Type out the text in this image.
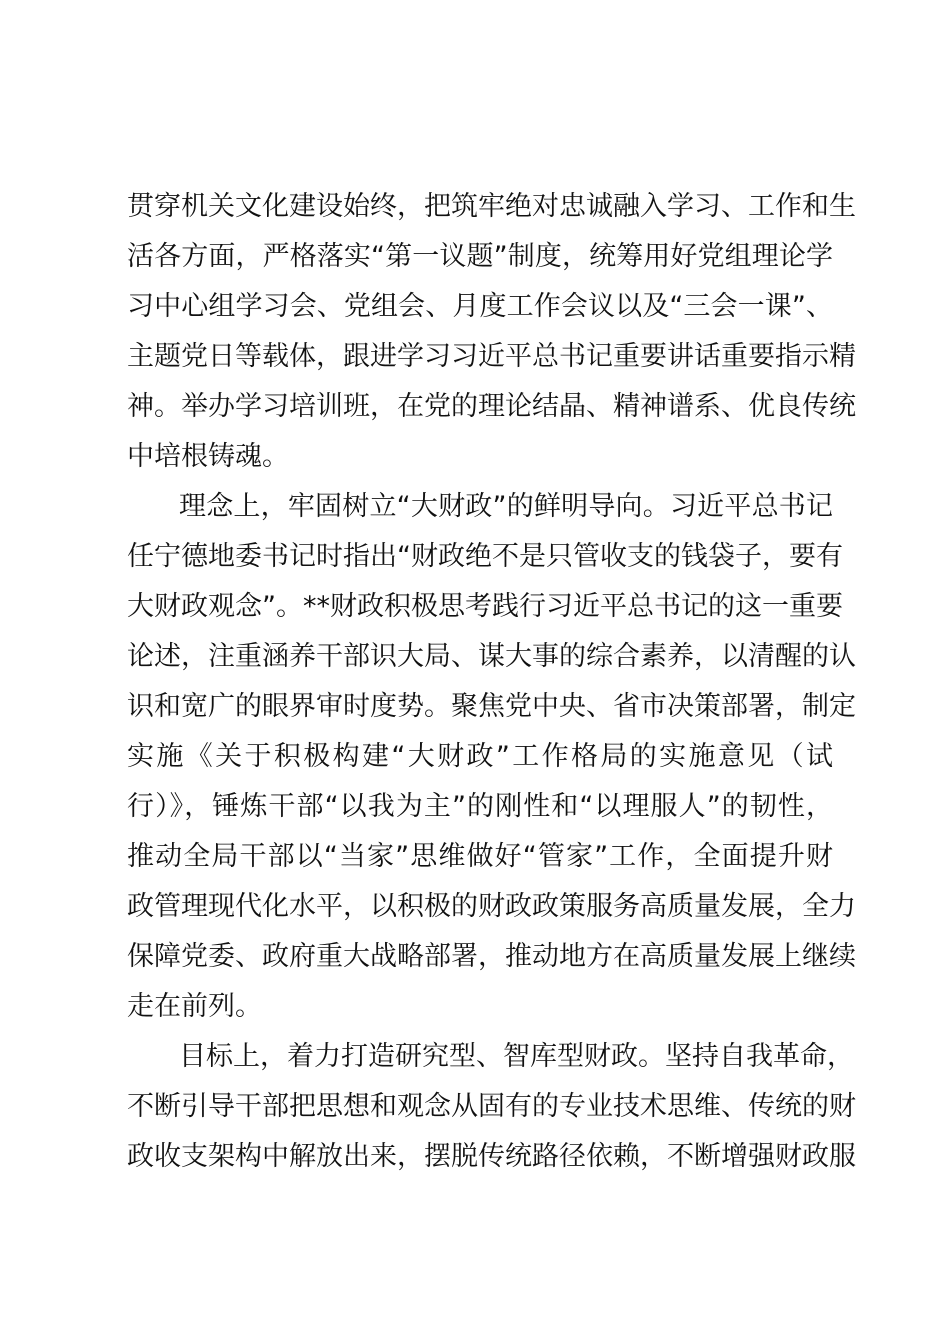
贯穿机关文化建设始终，把筑牢绝对忠诚融入学习、工作和生
活各方面，严格落实“第一议题”制度，统筹用好党组理论学
习中心组学习会、党组会、月度工作会议以及“三会一课”、
主题党日等载体，跟进学习习近平总书记重要讲话重要指示精
神。举办学习培训班，在党的理论结晶、精神谱系、优良传统
中培根铸魂。
理念上，牢固树立“大财政”的鲜明导向。习近平总书记
任宁德地委书记时指出“财政绝不是只管收支的钱袋子，要有
大财政观念”。**财政积极思考践行习近平总书记的这一重要
论述，注重涵养干部识大局、谋大事的综合素养，以清醒的认
识和宽广的眼界审时度势。聚焦党中央、省市决策部署，制定
实施《关于积极构建“大财政”工作格局的实施意见（试
行）》，锤炼干部“以我为主”的刚性和“以理服人”的韧性，
推动全局干部以“当家”思维做好“管家”工作，全面提升财
政管理现代化水平，以积极的财政政策服务高质量发展，全力
保障党委、政府重大战略部署，推动地方在高质量发展上继续
走在前列。
目标上，着力打造研究型、智库型财政。坚持自我革命，
不断引导干部把思想和观念从固有的专业技术思维、传统的财
政收支架构中解放出来，摆脱传统路径依赖，不断增强财政服
